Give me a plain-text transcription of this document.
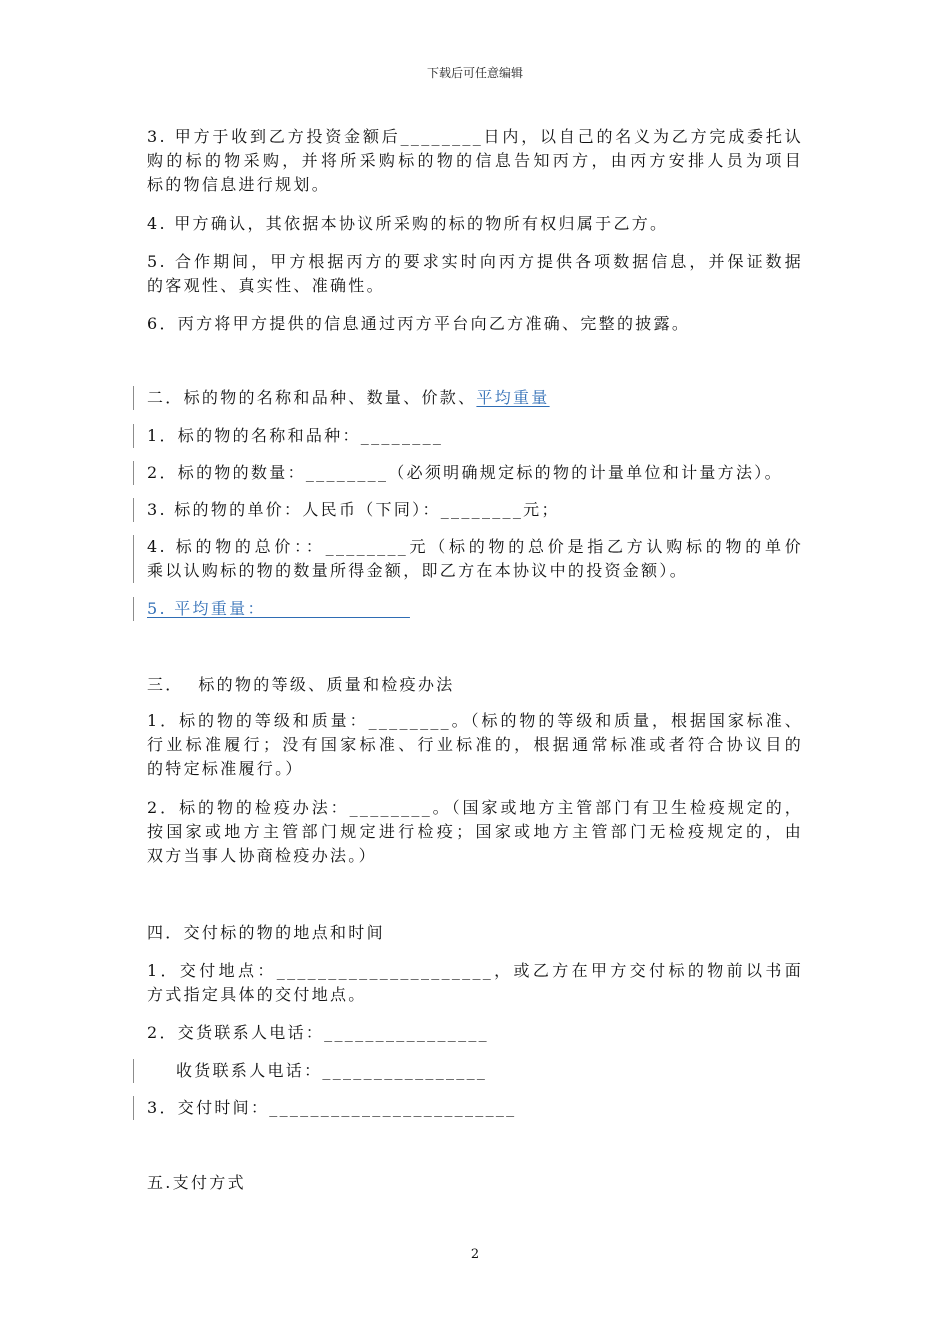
下载后可任意编辑
3. 甲方于收到乙方投资金额后________日内，以自己的名义为乙方完成委托认
购的标的物采购，并将所采购标的物的信息告知丙方，由丙方安排人员为项目
标的物信息进行规划。
4. 甲方确认，其依据本协议所采购的标的物所有权归属于乙方。
5. 合作期间，甲方根据丙方的要求实时向丙方提供各项数据信息，并保证数据
的客观性、真实性、准确性。
6．丙方将甲方提供的信息通过丙方平台向乙方准确、完整的披露。
二．标的物的名称和品种、数量、价款、平均重量
1．标的物的名称和品种：________
2．标的物的数量：________（必须明确规定标的物的计量单位和计量方法）。
3. 标的物的单价：人民币（下同）：________元；
4. 标的物的总价：：________元（标的物的总价是指乙方认购标的物的单价
乘以认购标的物的数量所得金额，即乙方在本协议中的投资金额）。
5. 平均重量：______________
三．  标的物的等级、质量和检疫办法
1．标的物的等级和质量：________。（标的物的等级和质量，根据国家标准、
行业标准履行；没有国家标准、行业标准的，根据通常标准或者符合协议目的
的特定标准履行。）
2．标的物的检疫办法：________。（国家或地方主管部门有卫生检疫规定的，
按国家或地方主管部门规定进行检疫；国家或地方主管部门无检疫规定的，由
双方当事人协商检疫办法。）
四．交付标的物的地点和时间
1．交付地点：_____________________，或乙方在甲方交付标的物前以书面
方式指定具体的交付地点。
2．交货联系人电话：________________
收货联系人电话：________________
3．交付时间：________________________
五.支付方式
2
